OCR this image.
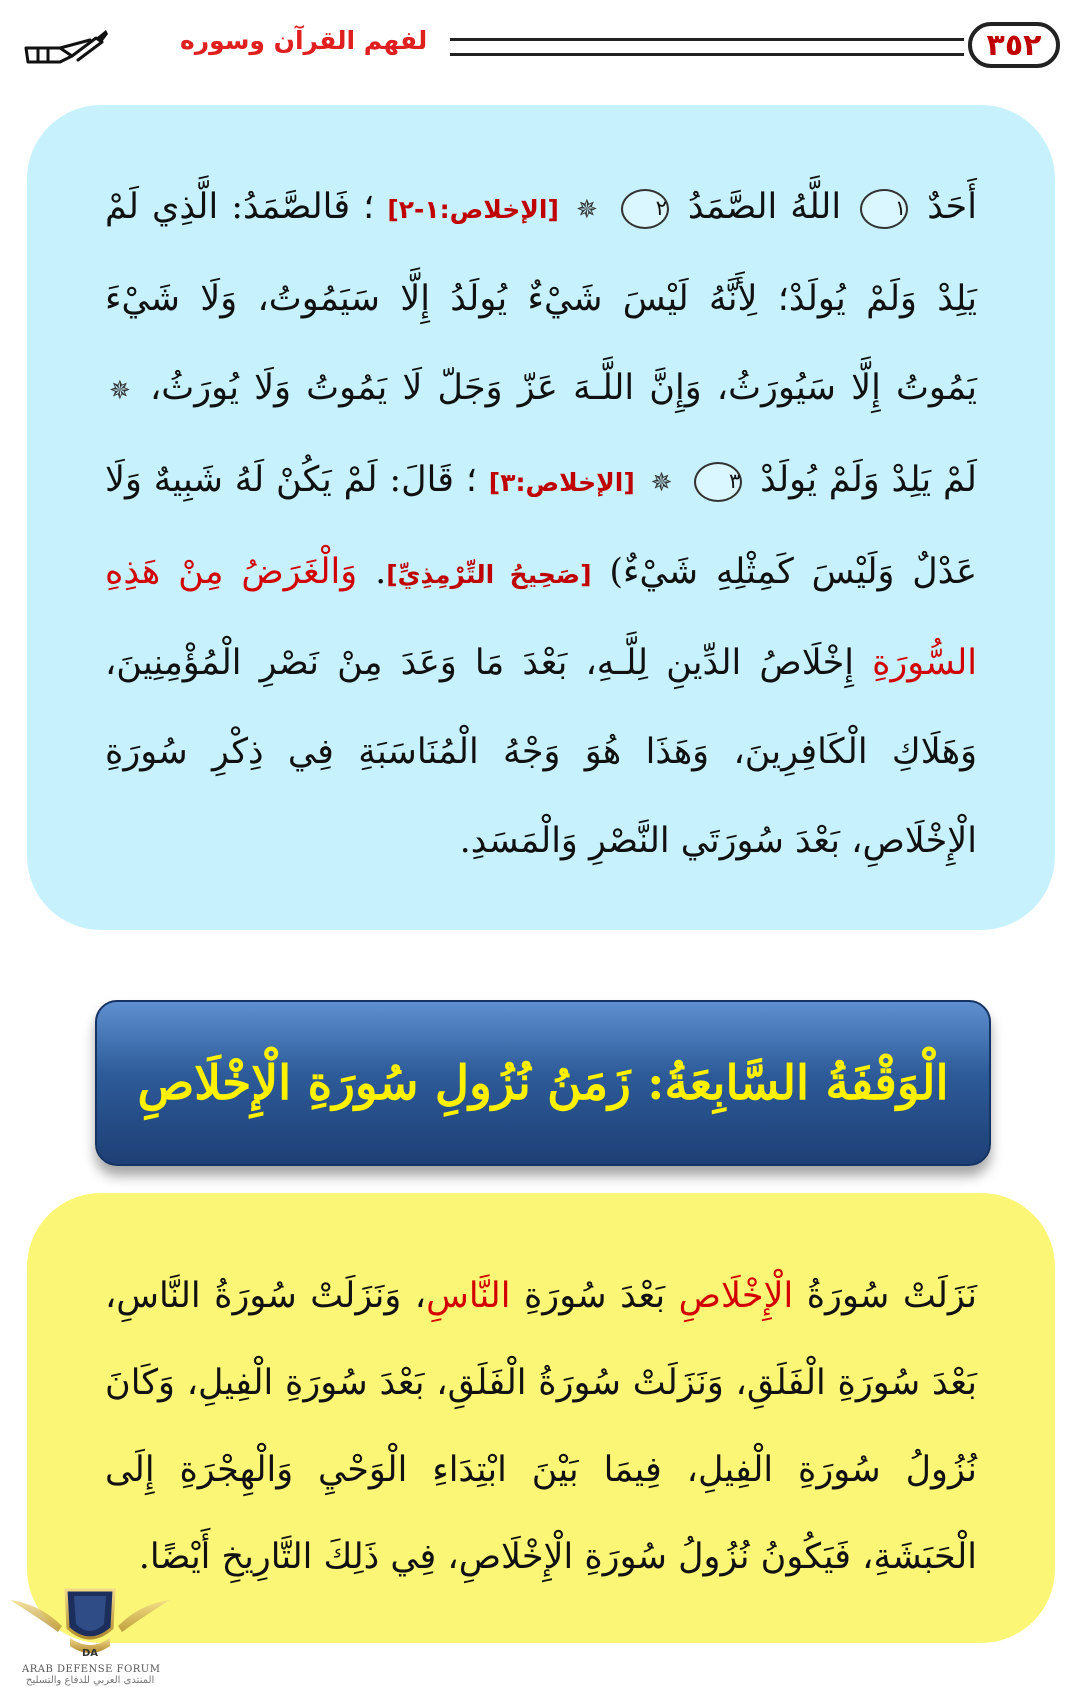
٣٥٢
لفهم القرآن وسوره
أَحَدٌ ١ اللَّهُ الصَّمَدُ ٢ ✵ [الإخلاص:١-٢] ؛ فَالصَّمَدُ: الَّذِي لَمْ يَلِدْ وَلَمْ يُولَدْ؛ لِأَنَّهُ لَيْسَ شَيْءٌ يُولَدُ إِلَّا سَيَمُوتُ، وَلَا شَيْءَ يَمُوتُ إِلَّا سَيُورَثُ، وَإِنَّ اللَّـهَ عَزّ وَجَلّ لَا يَمُوتُ وَلَا يُورَثُ، ✵ لَمْ يَلِدْ وَلَمْ يُولَدْ ٣ ✵ [الإخلاص:٣] ؛ قَالَ: لَمْ يَكُنْ لَهُ شَبِيهٌ وَلَا عَدْلٌ وَلَيْسَ كَمِثْلِهِ شَيْءٌ) [صَحِيحُ التِّرْمِذِيِّ]. وَالْغَرَضُ مِنْ هَذِهِ السُّورَةِ إِخْلَاصُ الدِّينِ لِلَّـهِ، بَعْدَ مَا وَعَدَ مِنْ نَصْرِ الْمُؤْمِنِينَ، وَهَلَاكِ الْكَافِرِينَ، وَهَذَا هُوَ وَجْهُ الْمُنَاسَبَةِ فِي ذِكْرِ سُورَةِ الْإِخْلَاصِ، بَعْدَ سُورَتَي النَّصْرِ وَالْمَسَدِ.
الْوَقْفَةُ السَّابِعَةُ: زَمَنُ نُزُولِ سُورَةِ الْإِخْلَاصِ
نَزَلَتْ سُورَةُ الْإِخْلَاصِ بَعْدَ سُورَةِ النَّاسِ، وَنَزَلَتْ سُورَةُ النَّاسِ، بَعْدَ سُورَةِ الْفَلَقِ، وَنَزَلَتْ سُورَةُ الْفَلَقِ، بَعْدَ سُورَةِ الْفِيلِ، وَكَانَ نُزُولُ سُورَةِ الْفِيلِ، فِيمَا بَيْنَ ابْتِدَاءِ الْوَحْيِ وَالْهِجْرَةِ إِلَى الْحَبَشَةِ، فَيَكُونُ نُزُولُ سُورَةِ الْإِخْلَاصِ، فِي ذَلِكَ التَّارِيخِ أَيْضًا.
DA
ARAB DEFENSE FORUM
المنتدى العربي للدفاع والتسليح
